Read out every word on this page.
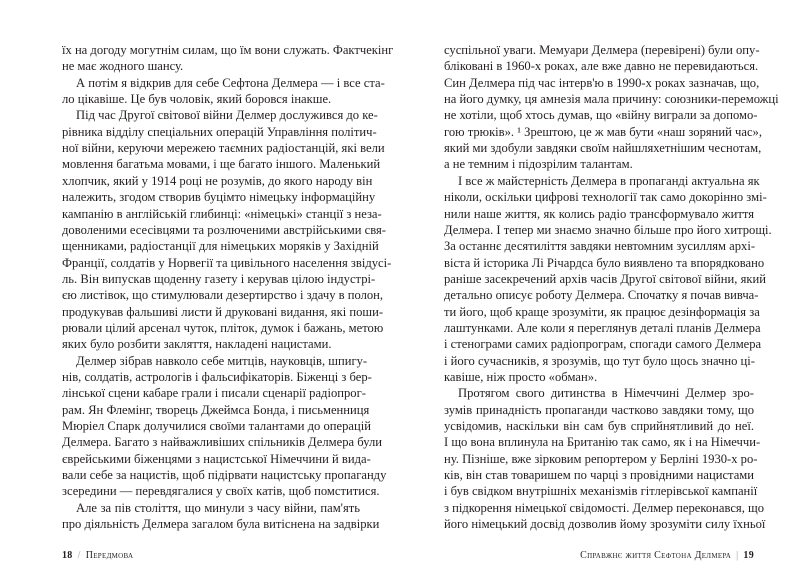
18 / Передмова
їх на догоду могутнім силам, що їм вони служать. Фактчекінг
не має жодного шансу.
А потім я відкрив для себе Сефтона Делмера — і все ста-
ло цікавіше. Це був чоловік, який боровся інакше.
Під час Другої світової війни Делмер дослужився до ке-
рівника відділу спеціальних операцій Управління політич-
ної війни, керуючи мережею таємних радіостанцій, які вели
мовлення багатьма мовами, і ще багато іншого. Маленький
хлопчик, який у 1914 році не розумів, до якого народу він
належить, згодом створив буцімто німецьку інформаційну
кампанію в англійській глибинці: «німецькі» станції з неза-
доволеними есесівцями та розлюченими австрійськими свя-
щенниками, радіостанції для німецьких моряків у Західній
Франції, солдатів у Норвегії та цивільного населення звідусі-
ль. Він випускав щоденну газету і керував цілою індустрі-
єю листівок, що стимулювали дезертирство і здачу в полон,
продукував фальшиві листи й друковані видання, які поши-
рювали цілий арсенал чуток, пліток, думок і бажань, метою
яких було розбити закляття, накладені нацистами.
Делмер зібрав навколо себе митців, науковців, шпигу-
нів, солдатів, астрологів і фальсифікаторів. Біженці з бер-
лінської сцени кабаре грали і писали сценарії радіопрог-
рам. Ян Флемінг, творець Джеймса Бонда, і письменниця
Мюріел Спарк долучилися своїми талантами до операцій
Делмера. Багато з найважливіших спільників Делмера були
єврейськими біженцями з нацистської Німеччини й вида-
вали себе за нацистів, щоб підірвати нацистську пропаганду
зсередини — перевдягалися у своїх катів, щоб помститися.
Але за пів століття, що минули з часу війни, пам'ять
про діяльність Делмера загалом була витіснена на задвірки
Справжнє життя Сефтона Делмера | 19
суспільної уваги. Мемуари Делмера (перевірені) були опу-
бліковані в 1960-х роках, але вже давно не перевидаються.
Син Делмера під час інтерв'ю в 1990-х роках зазначав, що,
на його думку, ця амнезія мала причину: союзники-переможці
не хотіли, щоб хтось думав, що «війну виграли за допомо-
гою трюків». ¹ Зрештою, це ж мав бути «наш зоряний час»,
який ми здобули завдяки своїм найшляхетнішим чеснотам,
а не темним і підозрілим талантам.
І все ж майстерність Делмера в пропаганді актуальна як
ніколи, оскільки цифрові технології так само докорінно змі-
нили наше життя, як колись радіо трансформувало життя
Делмера. І тепер ми знаємо значно більше про його хитрощі.
За останнє десятиліття завдяки невтомним зусиллям архі-
віста й історика Лі Річардса було виявлено та впорядковано
раніше засекречений архів часів Другої світової війни, який
детально описує роботу Делмера. Спочатку я почав вивча-
ти його, щоб краще зрозуміти, як працює дезінформація за
лаштунками. Але коли я переглянув деталі планів Делмера
і стенограми самих радіопрограм, спогади самого Делмера
і його сучасників, я зрозумів, що тут було щось значно ці-
кавіше, ніж просто «обман».
Протягом свого дитинства в Німеччині Делмер зро-
зумів принадність пропаганди частково завдяки тому, що
усвідомив, наскільки він сам був сприйнятливий до неї.
І що вона вплинула на Британію так само, як і на Німеччи-
ну. Пізніше, вже зірковим репортером у Берліні 1930-х ро-
ків, він став товаришем по чарці з провідними нацистами
і був свідком внутрішніх механізмів гітлерівської кампанії
з підкорення німецької свідомості. Делмер переконався, що
його німецький досвід дозволив йому зрозуміти силу їхньої
